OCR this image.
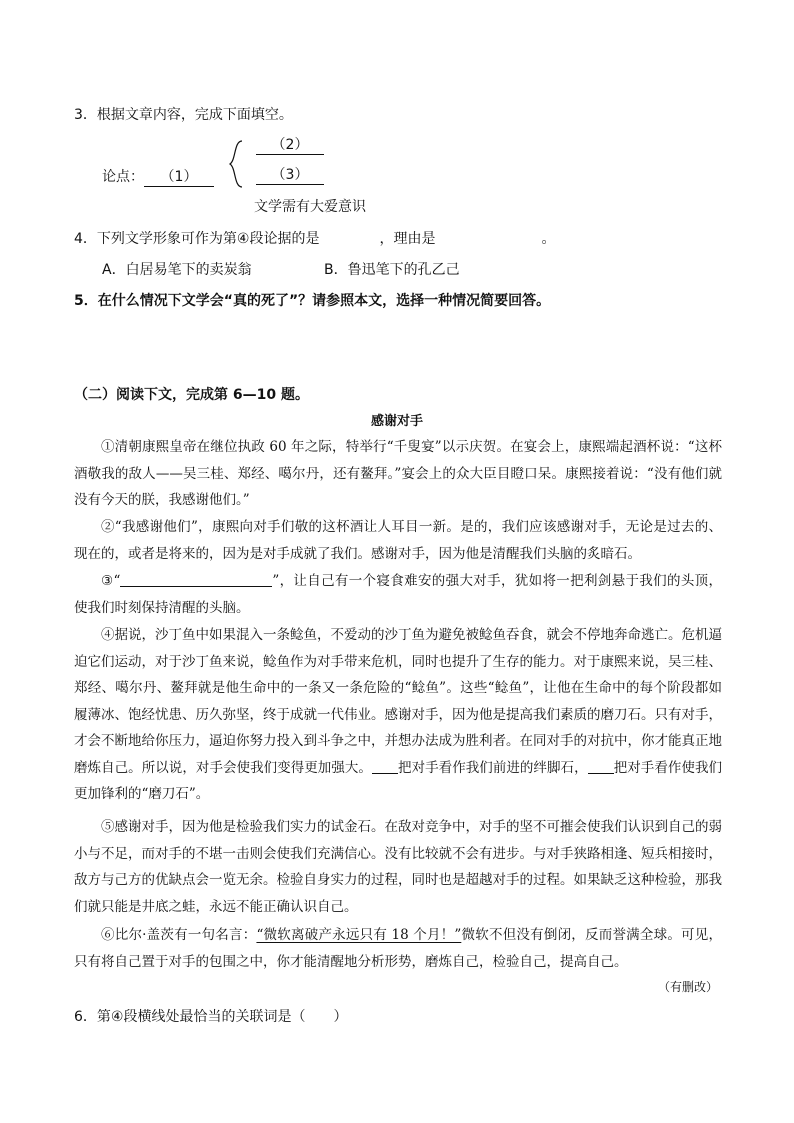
3．根据文章内容，完成下面填空。
（2）
论点： （1）	（3）
文学需有大爱意识
4．下列文学形象可作为第④段论据的是	，理由是	。
A．白居易笔下的卖炭翁	B．鲁迅笔下的孔乙己
5．在什么情况下文学会“真的死了”？请参照本文，选择一种情况简要回答。
（二）阅读下文，完成第 6—10 题。
感谢对手
①清朝康熙皇帝在继位执政 60 年之际，特举行“千叟宴”以示庆贺。在宴会上，康熙端起酒杯说：“这杯酒敬我的敌人——吴三桂、郑经、噶尔丹，还有鳌拜。”宴会上的众大臣目瞪口呆。康熙接着说：“没有他们就没有今天的朕，我感谢他们。”
②“我感谢他们”，康熙向对手们敬的这杯酒让人耳目一新。是的，我们应该感谢对手，无论是过去的、现在的，或者是将来的，因为是对手成就了我们。感谢对手，因为他是清醒我们头脑的炙暗石。
③“	”，让自己有一个寝食难安的强大对手，犹如将一把利剑悬于我们的头顶，使我们时刻保持清醒的头脑。
④据说，沙丁鱼中如果混入一条鲶鱼，不爱动的沙丁鱼为避免被鲶鱼吞食，就会不停地奔命逃亡。危机逼迫它们运动，对于沙丁鱼来说，鲶鱼作为对手带来危机，同时也提升了生存的能力。对于康熙来说，吴三桂、郑经、噶尔丹、鳌拜就是他生命中的一条又一条危险的“鲶鱼”。这些“鲶鱼”，让他在生命中的每个阶段都如履薄冰、饱经忧患、历久弥坚，终于成就一代伟业。感谢对手，因为他是提高我们素质的磨刀石。只有对手，才会不断地给你压力，逼迫你努力投入到斗争之中，并想办法成为胜利者。在同对手的对抗中，你才能真正地磨炼自己。所以说，对手会使我们变得更加强大。 把对手看作我们前进的绊脚石， 把对手看作使我们更加锋利的“磨刀石”。
⑤感谢对手，因为他是检验我们实力的试金石。在敌对竞争中，对手的坚不可摧会使我们认识到自己的弱小与不足，而对手的不堪一击则会使我们充满信心。没有比较就不会有进步。与对手狭路相逢、短兵相接时，敌方与己方的优缺点会一览无余。检验自身实力的过程，同时也是超越对手的过程。如果缺乏这种检验，那我们就只能是井底之蛙，永远不能正确认识自己。
⑥比尔·盖茨有一句名言：“微软离破产永远只有 18 个月！”微软不但没有倒闭，反而誉满全球。可见，只有将自己置于对手的包围之中，你才能清醒地分析形势，磨炼自己，检验自己，提高自己。
（有删改）
6．第④段横线处最恰当的关联词是（　　）
